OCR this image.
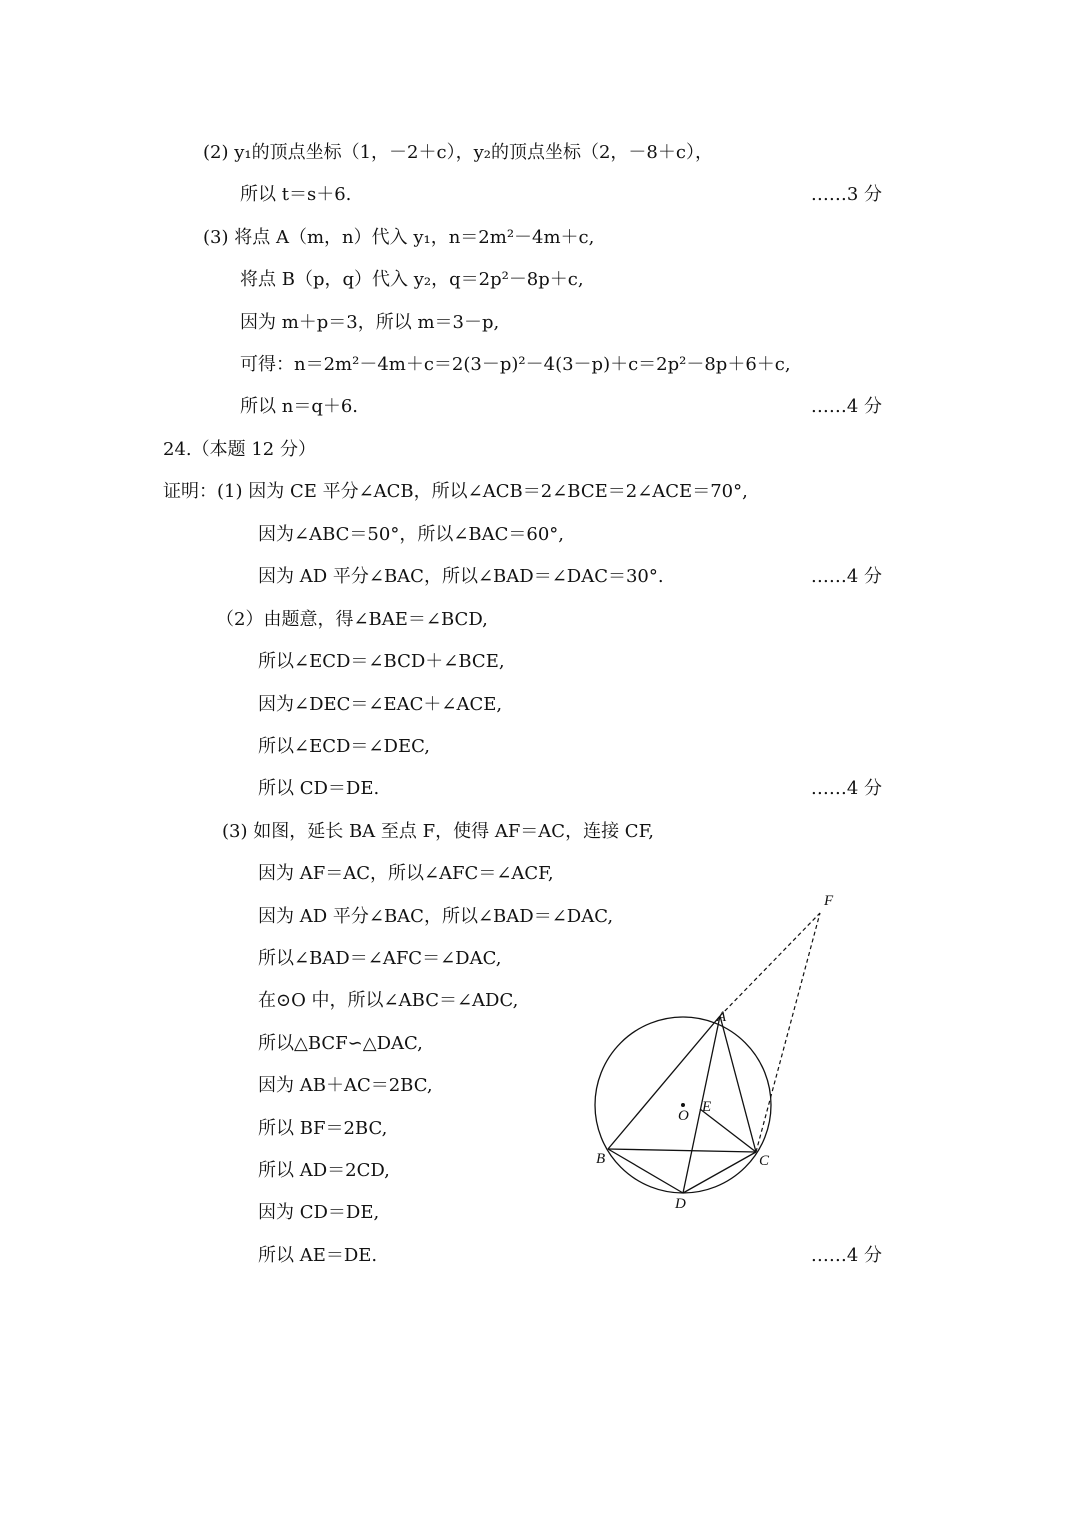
(2) y₁的顶点坐标（1，－2＋c），y₂的顶点坐标（2，－8＋c），
所以 t＝s＋6.	……3 分
(3) 将点 A（m，n）代入 y₁，n＝2m²－4m＋c,
将点 B（p，q）代入 y₂，q＝2p²－8p＋c,
因为 m＋p＝3，所以 m＝3－p,
可得：n＝2m²－4m＋c＝2(3－p)²－4(3－p)＋c＝2p²－8p＋6＋c,
所以 n＝q＋6.	……4 分
24.（本题 12 分）
证明：(1) 因为 CE 平分∠ACB，所以∠ACB＝2∠BCE＝2∠ACE＝70°,
因为∠ABC＝50°，所以∠BAC＝60°,
因为 AD 平分∠BAC，所以∠BAD＝∠DAC＝30°.	……4 分
（2）由题意，得∠BAE＝∠BCD,
所以∠ECD＝∠BCD＋∠BCE,
因为∠DEC＝∠EAC＋∠ACE,
所以∠ECD＝∠DEC,
所以 CD＝DE.	……4 分
(3) 如图，延长 BA 至点 F，使得 AF＝AC，连接 CF,
因为 AF＝AC，所以∠AFC＝∠ACF,
因为 AD 平分∠BAC，所以∠BAD＝∠DAC,
所以∠BAD＝∠AFC＝∠DAC,
在⊙O 中，所以∠ABC＝∠ADC,
所以△BCF∽△DAC,
因为 AB＋AC＝2BC,
所以 BF＝2BC,
所以 AD＝2CD,
因为 CD＝DE,
所以 AE＝DE.	……4 分
F
A
O
E
B	C
D
